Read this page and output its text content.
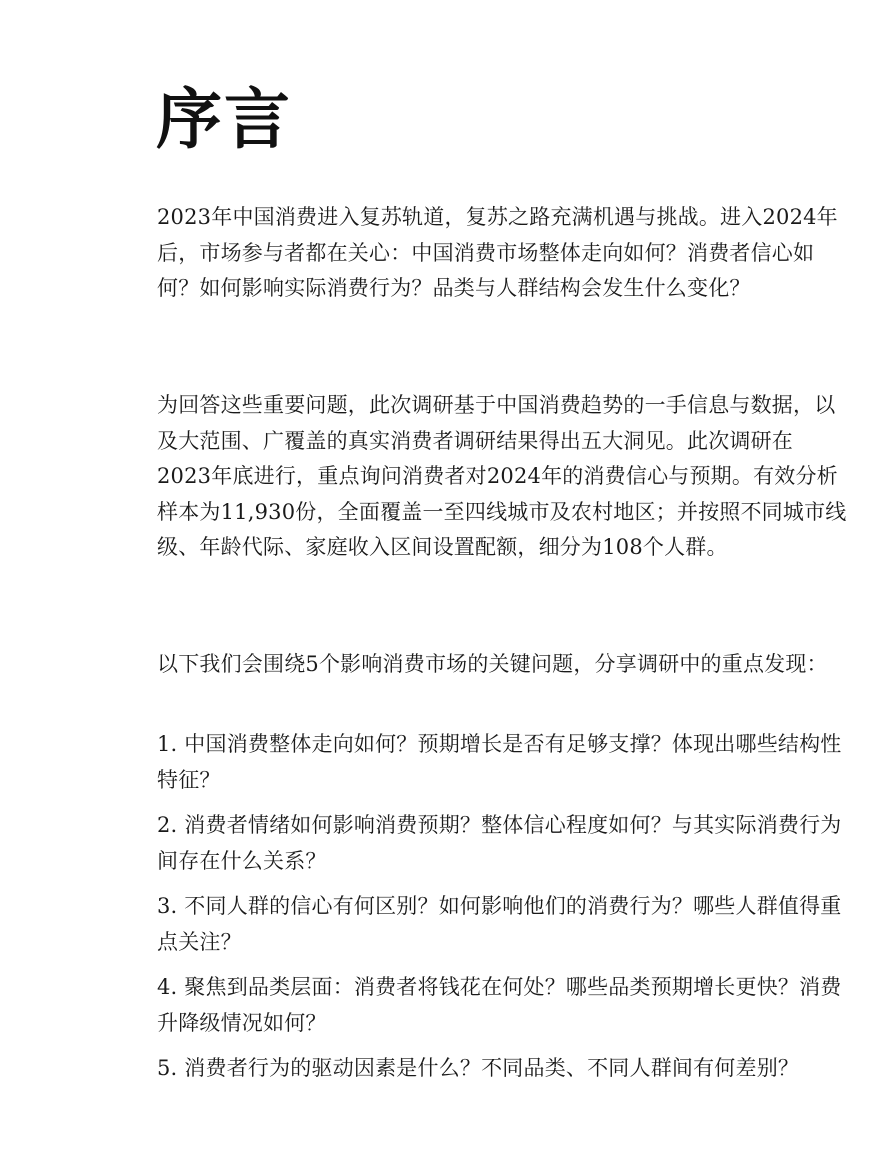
序言

2023年中国消费进入复苏轨道，复苏之路充满机遇与挑战。进入2024年后，市场参与者都在关心：中国消费市场整体走向如何？消费者信心如何？如何影响实际消费行为？品类与人群结构会发生什么变化？

为回答这些重要问题，此次调研基于中国消费趋势的一手信息与数据，以及大范围、广覆盖的真实消费者调研结果得出五大洞见。此次调研在2023年底进行，重点询问消费者对2024年的消费信心与预期。有效分析样本为11,930份，全面覆盖一至四线城市及农村地区；并按照不同城市线级、年龄代际、家庭收入区间设置配额，细分为108个人群。

以下我们会围绕5个影响消费市场的关键问题，分享调研中的重点发现：

1. 中国消费整体走向如何？预期增长是否有足够支撑？体现出哪些结构性特征？
2. 消费者情绪如何影响消费预期？整体信心程度如何？与其实际消费行为间存在什么关系？
3. 不同人群的信心有何区别？如何影响他们的消费行为？哪些人群值得重点关注？
4. 聚焦到品类层面：消费者将钱花在何处？哪些品类预期增长更快？消费升降级情况如何？
5. 消费者行为的驱动因素是什么？不同品类、不同人群间有何差别？
